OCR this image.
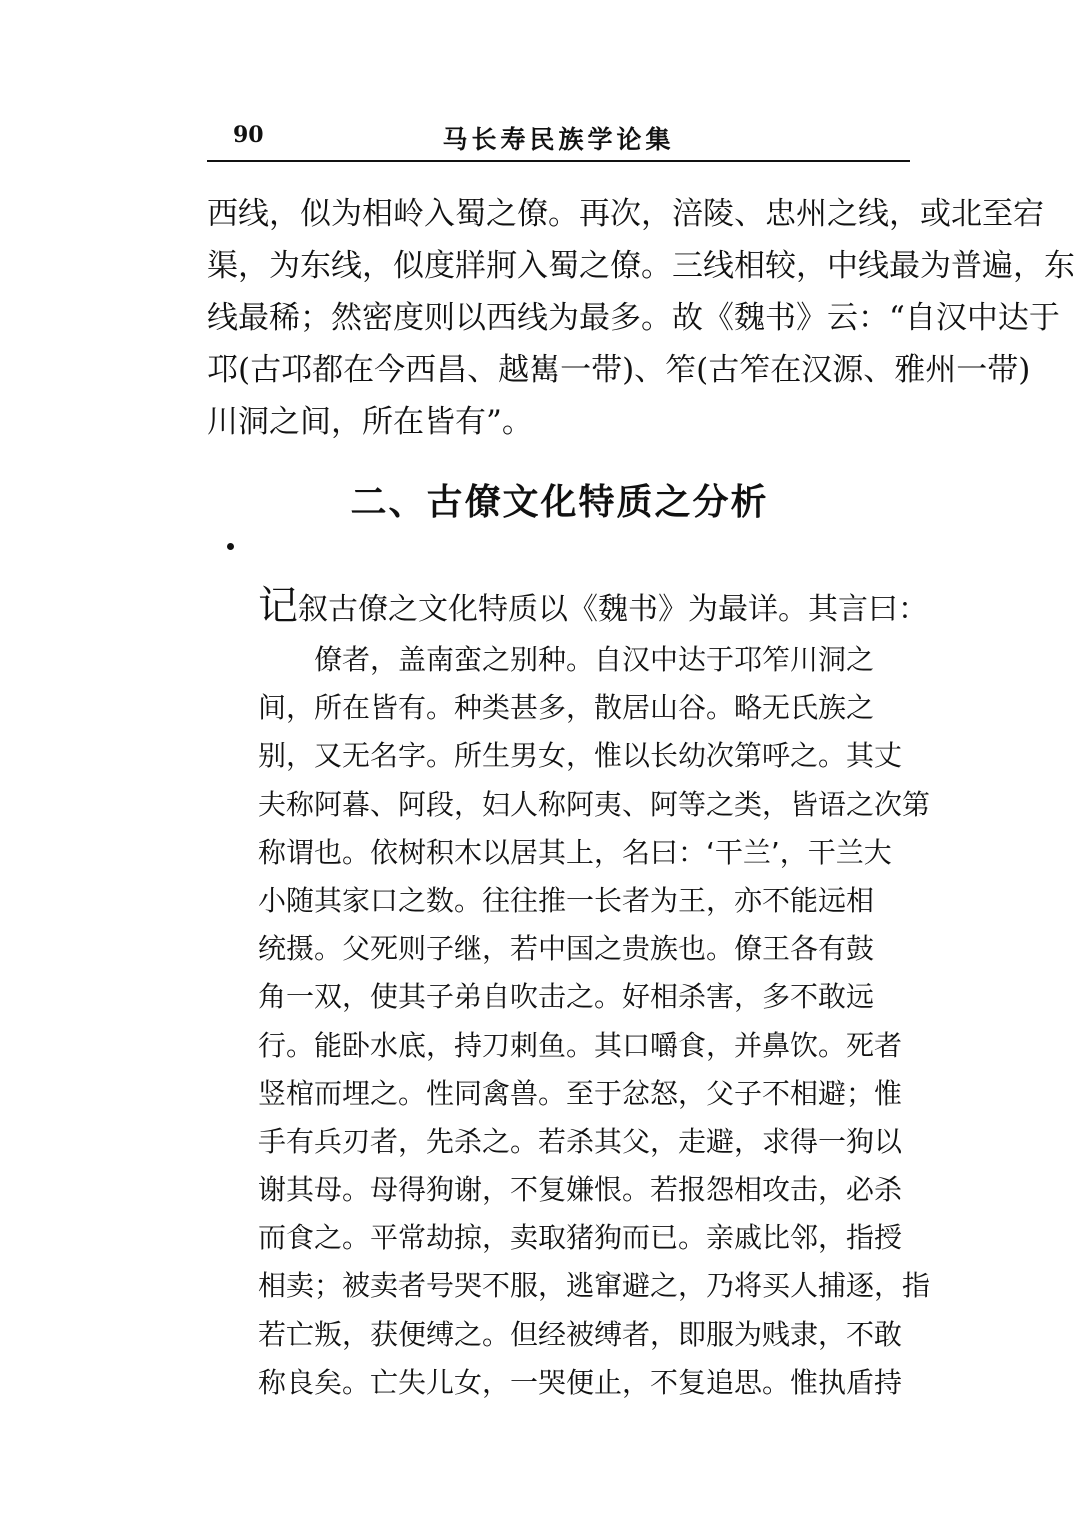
90	马长寿民族学论集
西线，似为相岭入蜀之僚。再次，涪陵、忠州之线，或北至宕
渠，为东线，似度牂牁入蜀之僚。三线相较，中线最为普遍，东
线最稀；然密度则以西线为最多。故《魏书》云：“自汉中达于
邛(古邛都在今西昌、越嶲一带)、笮(古笮在汉源、雅州一带)
川洞之间，所在皆有”。
二、古僚文化特质之分析
记叙古僚之文化特质以《魏书》为最详。其言曰：
僚者，盖南蛮之别种。自汉中达于邛笮川洞之
间，所在皆有。种类甚多，散居山谷。略无氏族之
别，又无名字。所生男女，惟以长幼次第呼之。其丈
夫称阿暮、阿段，妇人称阿夷、阿等之类，皆语之次第
称谓也。依树积木以居其上，名曰：‘干兰’，干兰大
小随其家口之数。往往推一长者为王，亦不能远相
统摄。父死则子继，若中国之贵族也。僚王各有鼓
角一双，使其子弟自吹击之。好相杀害，多不敢远
行。能卧水底，持刀刺鱼。其口嚼食，并鼻饮。死者
竖棺而埋之。性同禽兽。至于忿怒，父子不相避；惟
手有兵刃者，先杀之。若杀其父，走避，求得一狗以
谢其母。母得狗谢，不复嫌恨。若报怨相攻击，必杀
而食之。平常劫掠，卖取猪狗而已。亲戚比邻，指授
相卖；被卖者号哭不服，逃窜避之，乃将买人捕逐，指
若亡叛，获便缚之。但经被缚者，即服为贱隶，不敢
称良矣。亡失儿女，一哭便止，不复追思。惟执盾持
